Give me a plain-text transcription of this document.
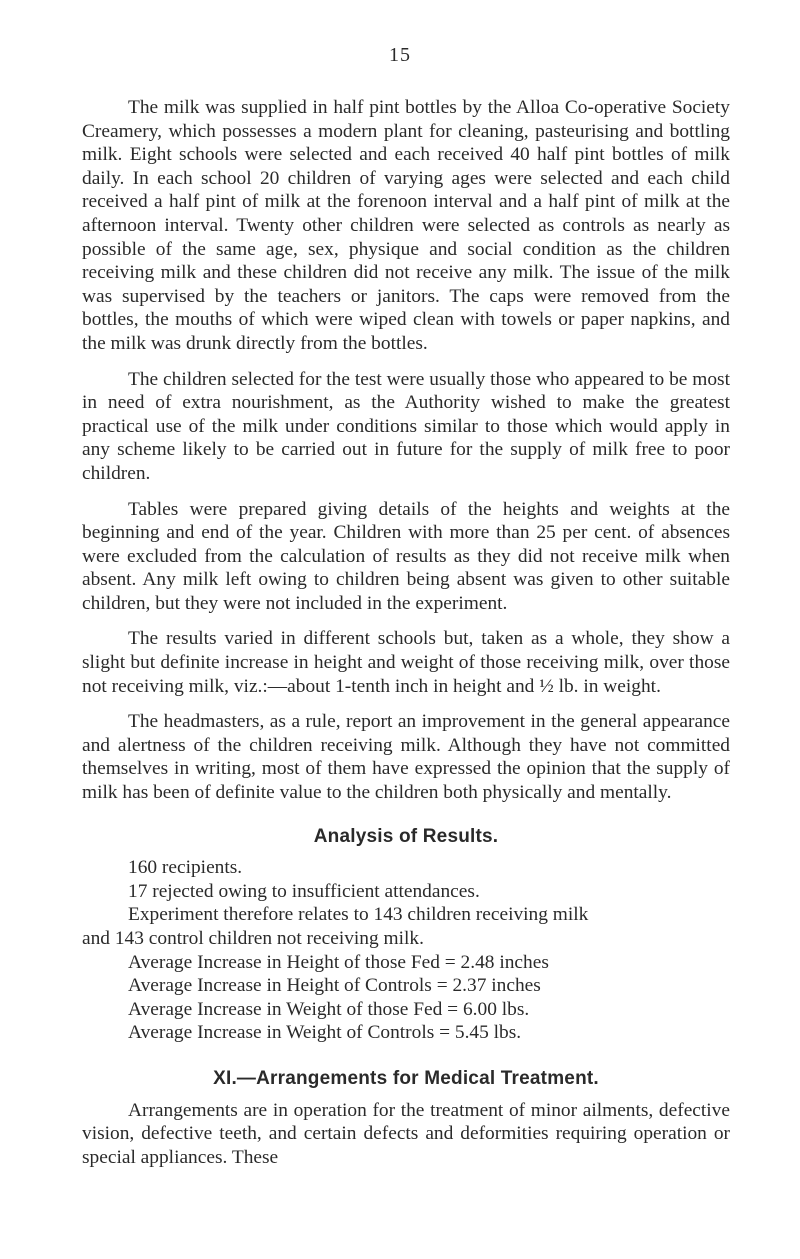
15

The milk was supplied in half pint bottles by the Alloa Co-operative Society Creamery, which possesses a modern plant for cleaning, pasteurising and bottling milk. Eight schools were selected and each received 40 half pint bottles of milk daily. In each school 20 children of varying ages were selected and each child received a half pint of milk at the forenoon interval and a half pint of milk at the afternoon interval. Twenty other children were selected as controls as nearly as possible of the same age, sex, physique and social condition as the children receiving milk and these children did not receive any milk. The issue of the milk was supervised by the teachers or janitors. The caps were removed from the bottles, the mouths of which were wiped clean with towels or paper napkins, and the milk was drunk directly from the bottles.

The children selected for the test were usually those who appeared to be most in need of extra nourishment, as the Authority wished to make the greatest practical use of the milk under conditions similar to those which would apply in any scheme likely to be carried out in future for the supply of milk free to poor children.

Tables were prepared giving details of the heights and weights at the beginning and end of the year. Children with more than 25 per cent. of absences were excluded from the calculation of results as they did not receive milk when absent. Any milk left owing to children being absent was given to other suitable children, but they were not included in the experiment.

The results varied in different schools but, taken as a whole, they show a slight but definite increase in height and weight of those receiving milk, over those not receiving milk, viz.:—about 1-tenth inch in height and ½ lb. in weight.

The headmasters, as a rule, report an improvement in the general appearance and alertness of the children receiving milk. Although they have not committed themselves in writing, most of them have expressed the opinion that the supply of milk has been of definite value to the children both physically and mentally.

Analysis of Results.

160 recipients.

17 rejected owing to insufficient attendances.

Experiment therefore relates to 143 children receiving milk

and 143 control children not receiving milk.

Average Increase in Height of those Fed = 2.48 inches

Average Increase in Height of Controls = 2.37 inches

Average Increase in Weight of those Fed = 6.00 lbs.

Average Increase in Weight of Controls = 5.45 lbs.

XI.—Arrangements for Medical Treatment.

Arrangements are in operation for the treatment of minor ailments, defective vision, defective teeth, and certain defects and deformities requiring operation or special appliances. These
